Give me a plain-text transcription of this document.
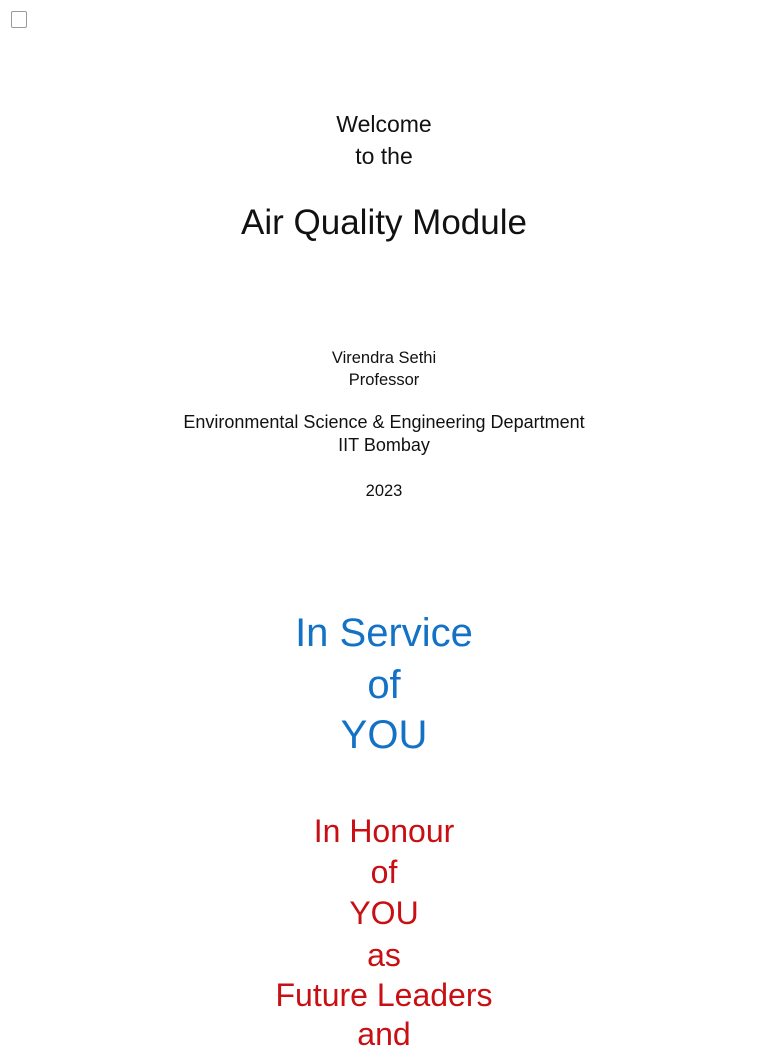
Welcome
to the
Air Quality Module
Virendra Sethi
Professor
Environmental Science & Engineering Department
IIT Bombay
2023
In Service
of
YOU
In Honour
of
YOU
as
Future Leaders
and
